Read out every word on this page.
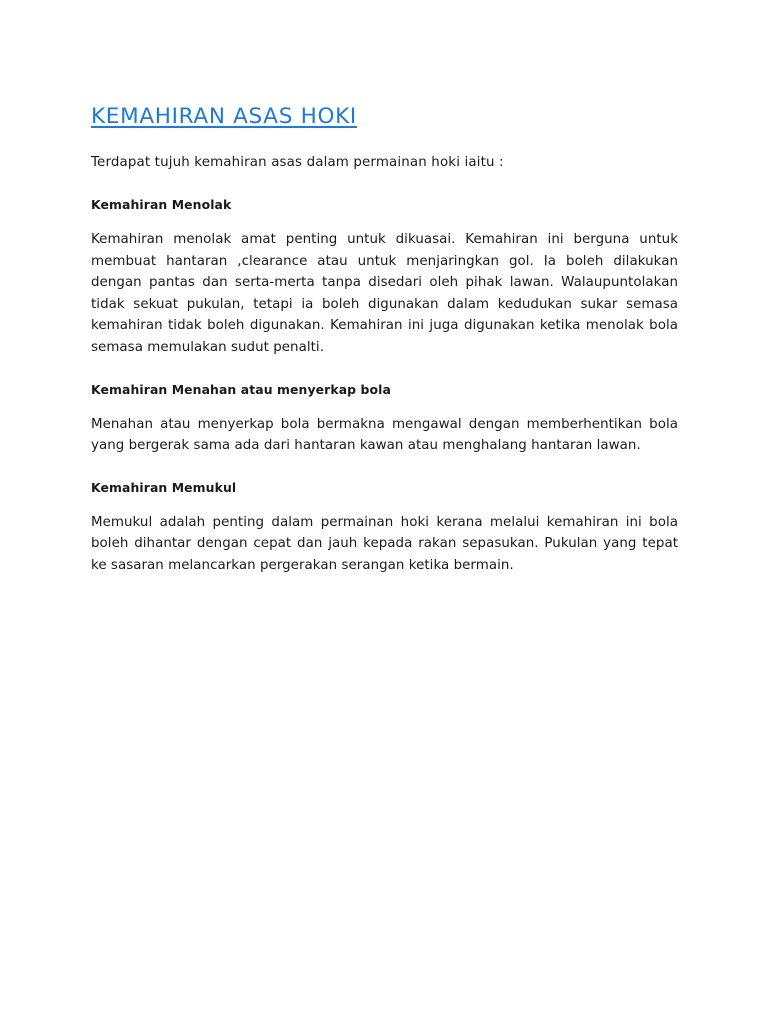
KEMAHIRAN ASAS HOKI

Terdapat tujuh kemahiran asas dalam permainan hoki iaitu :

Kemahiran Menolak

Kemahiran menolak amat penting untuk dikuasai. Kemahiran ini berguna untuk membuat hantaran ,clearance atau untuk menjaringkan gol. Ia boleh dilakukan dengan pantas dan serta-merta tanpa disedari oleh pihak lawan. Walaupuntolakan tidak sekuat pukulan, tetapi ia boleh digunakan dalam kedudukan sukar semasa kemahiran tidak boleh digunakan. Kemahiran ini juga digunakan ketika menolak bola semasa memulakan sudut penalti.

Kemahiran Menahan atau menyerkap bola

Menahan atau menyerkap bola bermakna mengawal dengan memberhentikan bola yang bergerak sama ada dari hantaran kawan atau menghalang hantaran lawan.

Kemahiran Memukul

Memukul adalah penting dalam permainan hoki kerana melalui kemahiran ini bola boleh dihantar dengan cepat dan jauh kepada rakan sepasukan. Pukulan yang tepat ke sasaran melancarkan pergerakan serangan ketika bermain.
